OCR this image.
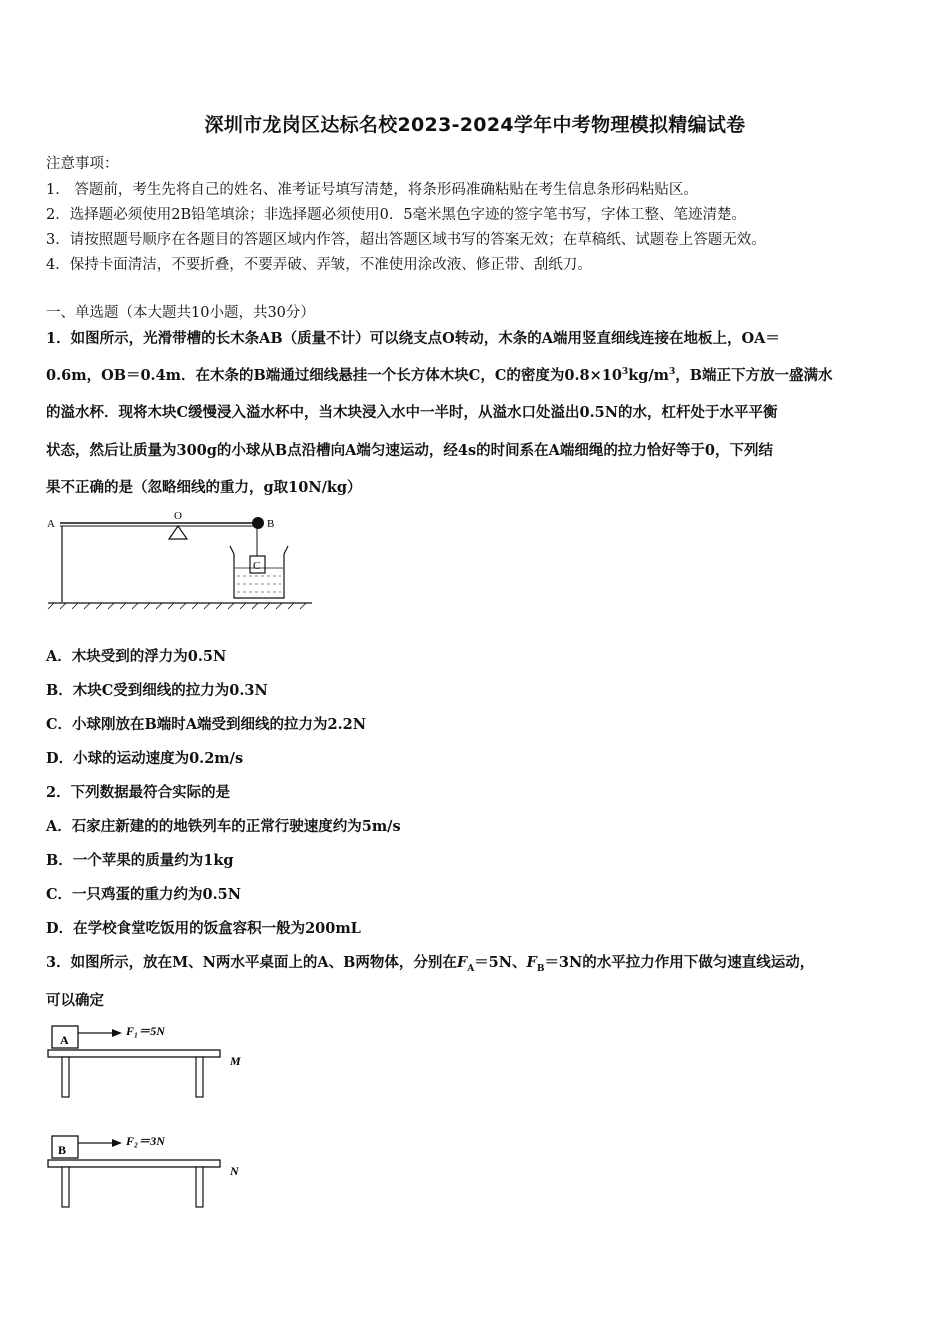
深圳市龙岗区达标名校2023-2024学年中考物理模拟精编试卷
注意事项：
1． 答题前，考生先将自己的姓名、准考证号填写清楚，将条形码准确粘贴在考生信息条形码粘贴区。
2．选择题必须使用2B铅笔填涂；非选择题必须使用0．5毫米黑色字迹的签字笔书写，字体工整、笔迹清楚。
3．请按照题号顺序在各题目的答题区域内作答，超出答题区域书写的答案无效；在草稿纸、试题卷上答题无效。
4．保持卡面清洁，不要折叠，不要弄破、弄皱，不准使用涂改液、修正带、刮纸刀。
一、单选题（本大题共10小题，共30分）
1．如图所示，光滑带槽的长木条AB（质量不计）可以绕支点O转动，木条的A端用竖直细线连接在地板上，OA＝
0.6m，OB＝0.4m．在木条的B端通过细线悬挂一个长方体木块C，C的密度为$0.8\times 10^3kg/m^3$，B端正下方放一盛满水
的溢水杯．现将木块C缓慢浸入溢水杯中，当木块浸入水中一半时，从溢水口处溢出0.5N的水，杠杆处于水平平衡
状态，然后让质量为300g的小球从B点沿槽向A端匀速运动，经4s的时间系在A端细绳的拉力恰好等于0，下列结
果不正确的是（忽略细线的重力，g取10N/kg）
A
O
B
C
A．木块受到的浮力为0.5N
B．木块C受到细线的拉力为0.3N
C．小球刚放在B端时A端受到细线的拉力为2.2N
D．小球的运动速度为0.2m/s
2．下列数据最符合实际的是
A．石家庄新建的的地铁列车的正常行驶速度约为5m/s
B．一个苹果的质量约为1kg
C．一只鸡蛋的重力约为0.5N
D．在学校食堂吃饭用的饭盒容积一般为200mL
3．如图所示，放在M、N两水平桌面上的A、B两物体，分别在$F_A=5N$、$F_B=3N$的水平拉力作用下做匀速直线运动，
可以确定
A
F₁＝5N
M
B
F₂＝3N
N
